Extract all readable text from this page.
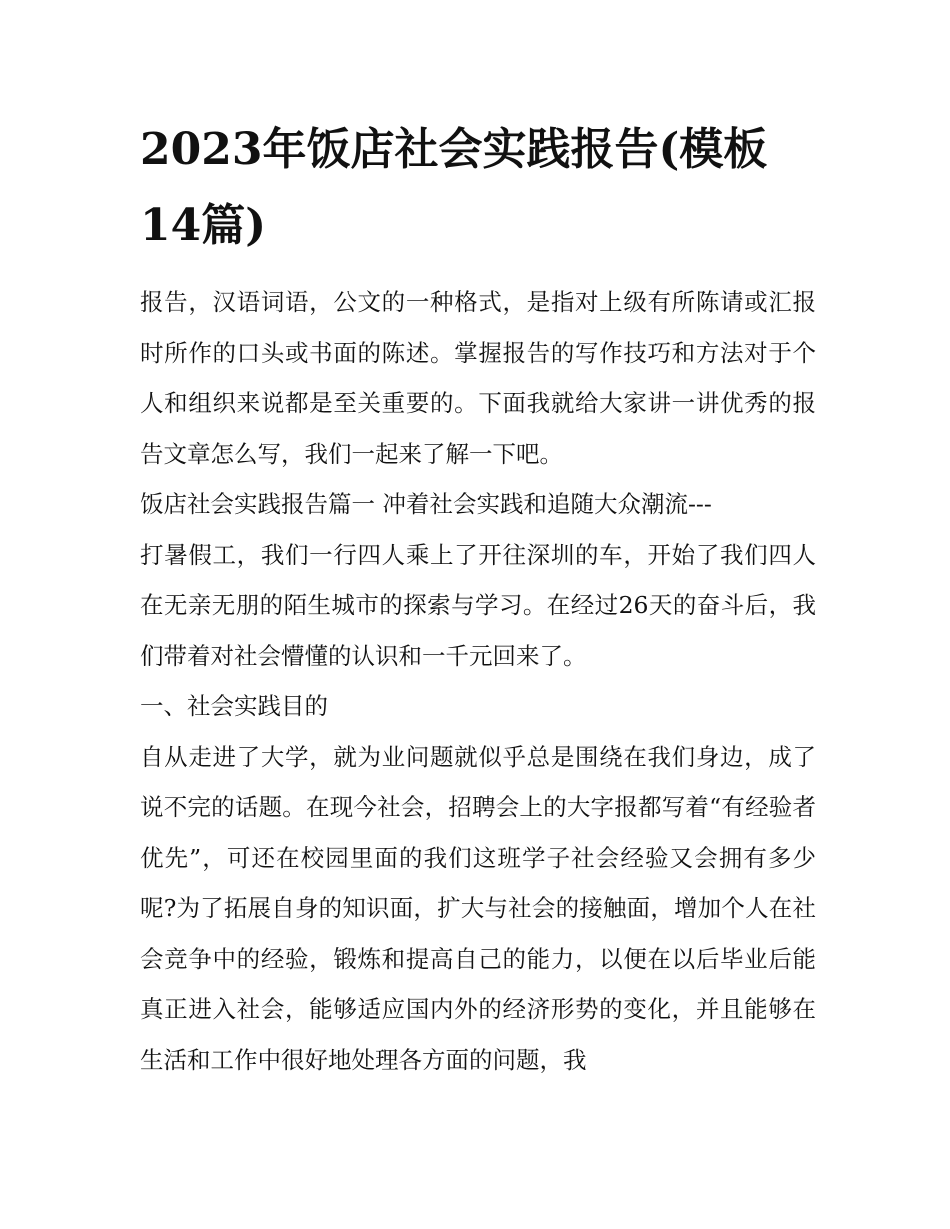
2023年饭店社会实践报告(模板14篇)

报告，汉语词语，公文的一种格式，是指对上级有所陈请或汇报时所作的口头或书面的陈述。掌握报告的写作技巧和方法对于个人和组织来说都是至关重要的。下面我就给大家讲一讲优秀的报告文章怎么写，我们一起来了解一下吧。

饭店社会实践报告篇一 冲着社会实践和追随大众潮流---

打暑假工，我们一行四人乘上了开往深圳的车，开始了我们四人在无亲无朋的陌生城市的探索与学习。在经过26天的奋斗后，我们带着对社会懵懂的认识和一千元回来了。

一、社会实践目的

自从走进了大学，就为业问题就似乎总是围绕在我们身边，成了说不完的话题。在现今社会，招聘会上的大字报都写着“有经验者优先”，可还在校园里面的我们这班学子社会经验又会拥有多少呢?为了拓展自身的知识面，扩大与社会的接触面，增加个人在社会竞争中的经验，锻炼和提高自己的能力，以便在以后毕业后能真正进入社会，能够适应国内外的经济形势的变化，并且能够在生活和工作中很好地处理各方面的问题，我
